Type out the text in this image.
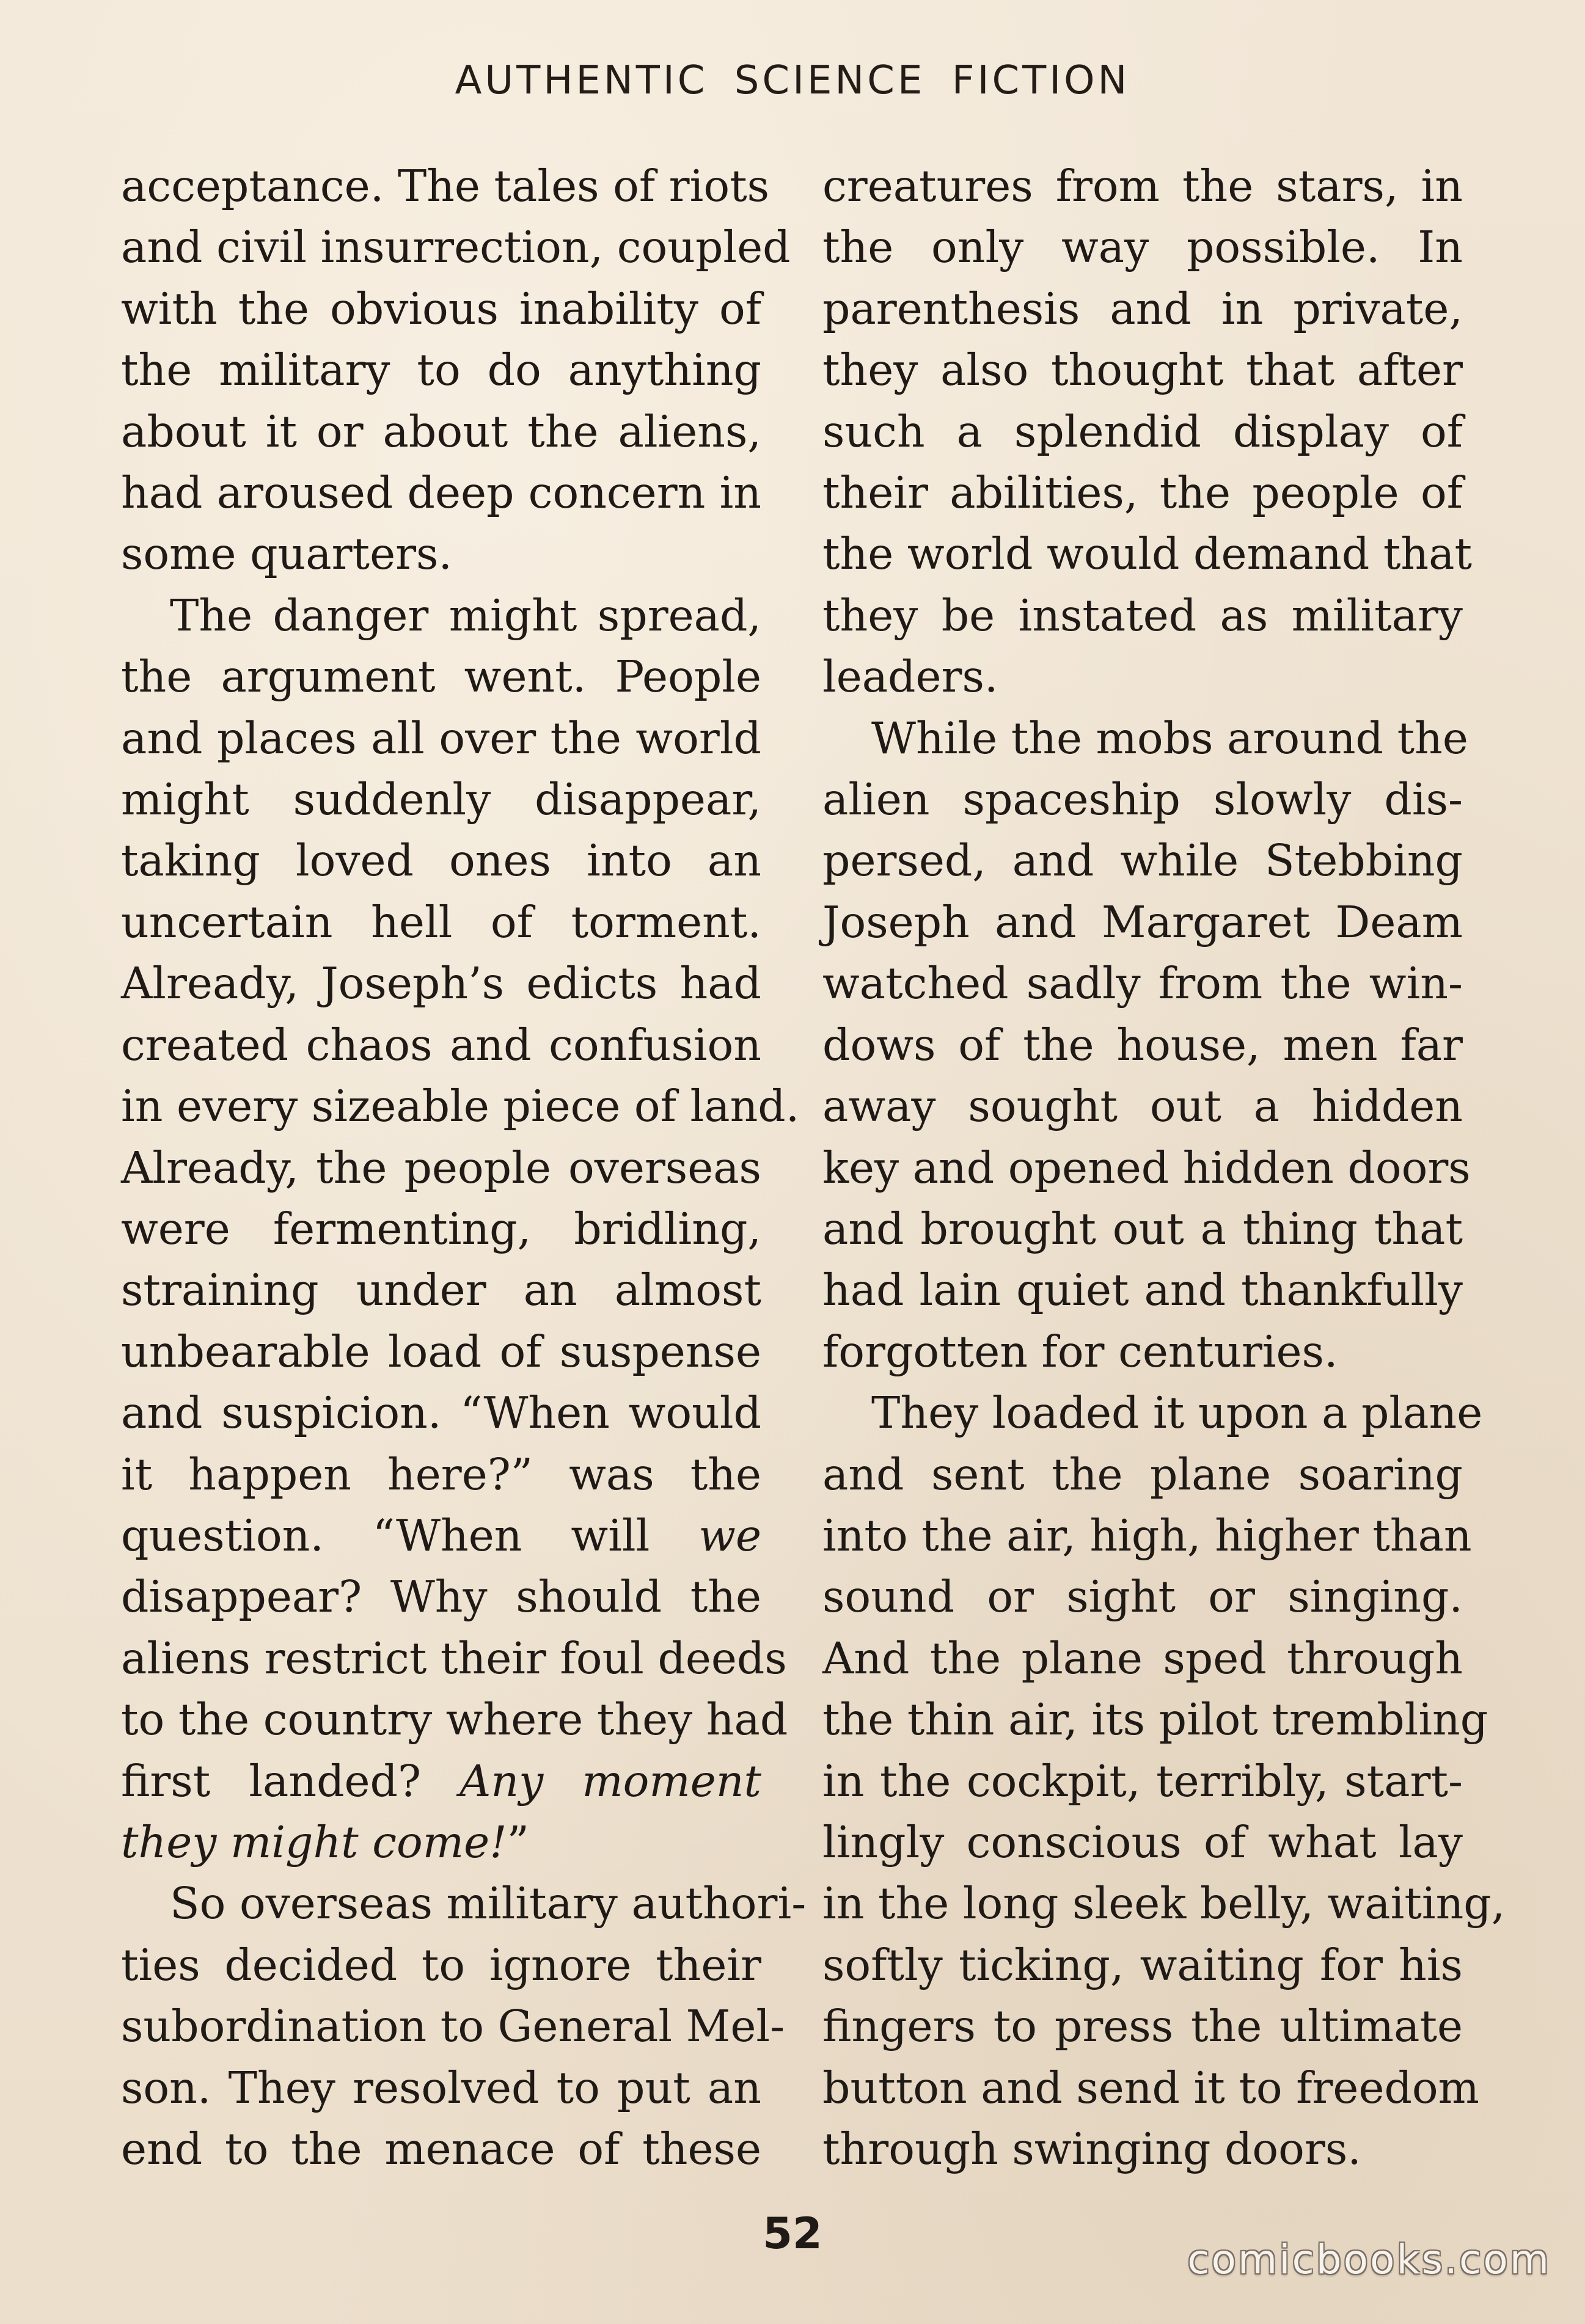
AUTHENTIC SCIENCE FICTION

acceptance. The tales of riots
and civil insurrection, coupled
with the obvious inability of
the military to do anything
about it or about the aliens,
had aroused deep concern in
some quarters.

The danger might spread,
the argument went. People
and places all over the world
might suddenly disappear,
taking loved ones into an
uncertain hell of torment.
Already, Joseph’s edicts had
created chaos and confusion
in every sizeable piece of land.
Already, the people overseas
were fermenting, bridling,
straining under an almost
unbearable load of suspense
and suspicion. “When would
it happen here?” was the
question. “When will we
disappear? Why should the
aliens restrict their foul deeds
to the country where they had
first landed? Any moment
they might come!”

So overseas military authori-
ties decided to ignore their
subordination to General Mel-
son. They resolved to put an
end to the menace of these

creatures from the stars, in
the only way possible. In
parenthesis and in private,
they also thought that after
such a splendid display of
their abilities, the people of
the world would demand that
they be instated as military
leaders.

While the mobs around the
alien spaceship slowly dis-
persed, and while Stebbing
Joseph and Margaret Deam
watched sadly from the win-
dows of the house, men far
away sought out a hidden
key and opened hidden doors
and brought out a thing that
had lain quiet and thankfully
forgotten for centuries.

They loaded it upon a plane
and sent the plane soaring
into the air, high, higher than
sound or sight or singing.
And the plane sped through
the thin air, its pilot trembling
in the cockpit, terribly, start-
lingly conscious of what lay
in the long sleek belly, waiting,
softly ticking, waiting for his
fingers to press the ultimate
button and send it to freedom
through swinging doors.

52
comicbooks.com
